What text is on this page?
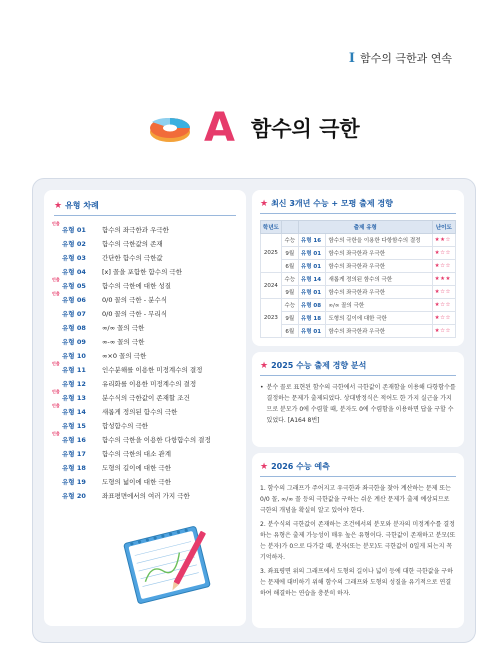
I 함수의 극한과 연속
A 함수의 극한
★ 유형 차례
빈출
유형 01	함수의 좌극한과 우극한
유형 02	함수의 극한값의 존재
유형 03	간단한 함수의 극한값
유형 04	[x] 꼴을 포함한 함수의 극한
빈출
유형 05	함수의 극한에 대한 성질
빈출
유형 06	0/0 꼴의 극한 - 분수식
유형 07	0/0 꼴의 극한 - 무리식
유형 08	∞/∞ 꼴의 극한
유형 09	∞-∞ 꼴의 극한
유형 10	∞×0 꼴의 극한
빈출
유형 11	인수분해를 이용한 미정계수의 결정
유형 12	유리화를 이용한 미정계수의 결정
빈출
유형 13	분수식의 극한값이 존재할 조건
빈출
유형 14	새롭게 정의된 함수의 극한
유형 15	합성함수의 극한
빈출
유형 16	함수의 극한을 이용한 다항함수의 결정
유형 17	함수의 극한의 대소 관계
유형 18	도형의 길이에 대한 극한
유형 19	도형의 넓이에 대한 극한
유형 20	좌표평면에서의 여러 가지 극한
★ 최신 3개년 수능 + 모평 출제 경향
학년도		출제 유형		난이도
2025	수능	유형 16	함수의 극한을 이용한 다항함수의 결정	★★☆
	9월	유형 01	함수의 좌극한과 우극한	★☆☆
	6월	유형 01	함수의 좌극한과 우극한	★☆☆
2024	수능	유형 14	새롭게 정의된 함수의 극한	★★★
	9월	유형 01	함수의 좌극한과 우극한	★☆☆
2023	수능	유형 08	∞/∞ 꼴의 극한	★☆☆
	9월	유형 18	도형의 길이에 대한 극한	★☆☆
	6월	유형 01	함수의 좌극한과 우극한	★☆☆
★ 2025 수능 출제 경향 분석
• 분수 꼴로 표현된 함수의 극한에서 극한값이 존재함을 이용해 다항함수를 결정하는 문제가 출제되었다. 상대방정식은 적어도 한 가지 실근을 가지므로 분모가 0에 수렴할 때, 분자도 0에 수렴함을 이용하면 답을 구할 수 있었다. [A164 8번]
★ 2026 수능 예측
1. 함수의 그래프가 주어지고 우극한과 좌극한을 찾아 계산하는 문제 또는 0/0 꼴, ∞/∞ 꼴 등의 극한값을 구하는 쉬운 계산 문제가 출제 예상되므로 극한의 개념을 확실히 알고 있어야 한다.
2. 분수식의 극한값이 존재하는 조건에서의 분모와 분자의 미정계수를 결정하는 유형은 출제 가능성이 매우 높은 유형이다. 극한값이 존재하고 분모(또는 분자)가 0으로 다가갈 때, 분자(또는 분모)도 극한값이 0일게 되는지 꼭 기억하자.
3. 좌표평면 위의 그래프에서 도형의 길이나 넓이 등에 대한 극한값을 구하는 문제에 대비하기 위해 함수의 그래프와 도형의 성질을 유기적으로 연결하여 해결하는 연습을 충분히 하자.
